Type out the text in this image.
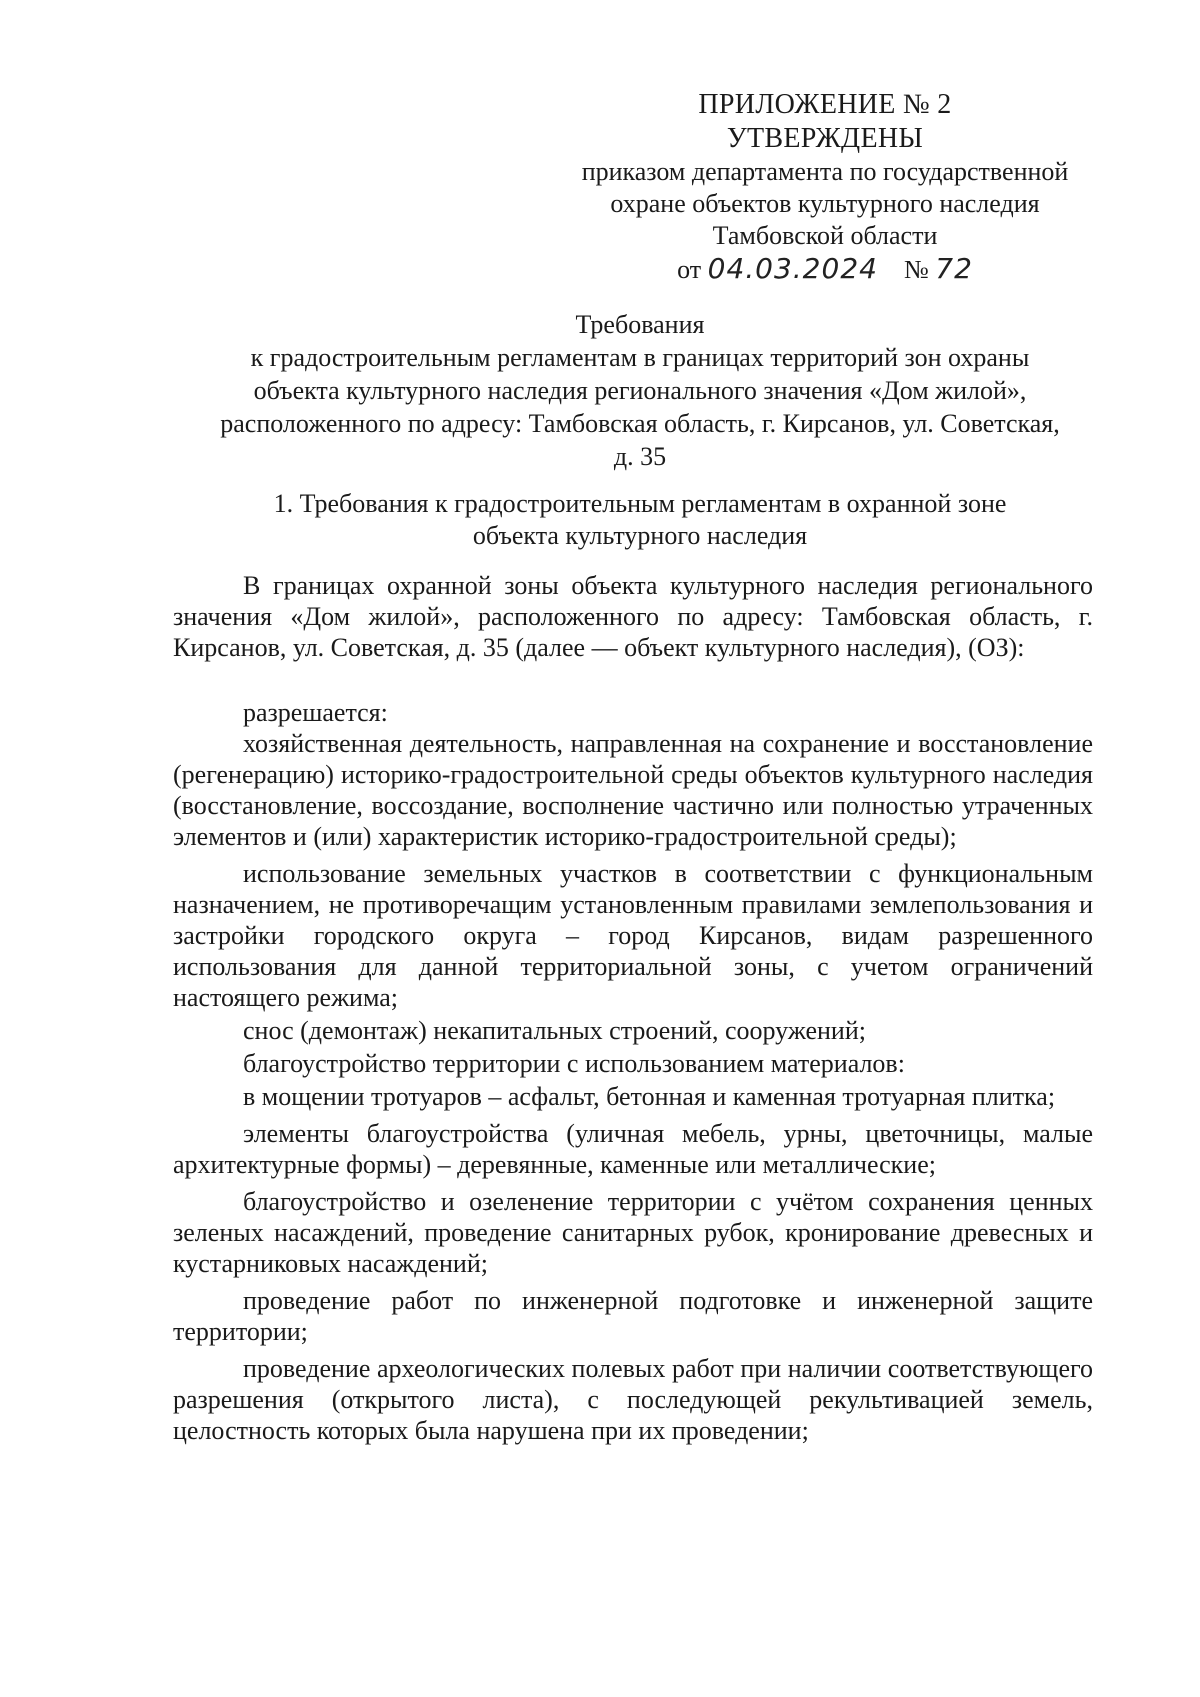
ПРИЛОЖЕНИЕ № 2
УТВЕРЖДЕНЫ
приказом департамента по государственной
охране объектов культурного наследия
Тамбовской области
от 04.03.2024 № 72
Требования
к градостроительным регламентам в границах территорий зон охраны
объекта культурного наследия регионального значения «Дом жилой»,
расположенного по адресу: Тамбовская область, г. Кирсанов, ул. Советская,
д. 35
1. Требования к градостроительным регламентам в охранной зоне
объекта культурного наследия

В границах охранной зоны объекта культурного наследия регионального значения «Дом жилой», расположенного по адресу: Тамбовская область, г. Кирсанов, ул. Советская, д. 35 (далее — объект культурного наследия), (ОЗ):

разрешается:

хозяйственная деятельность, направленная на сохранение и восстановление (регенерацию) историко-градостроительной среды объектов культурного наследия (восстановление, воссоздание, восполнение частично или полностью утраченных элементов и (или) характеристик историко-градостроительной среды);

использование земельных участков в соответствии с функциональным назначением, не противоречащим установленным правилами землепользования и застройки городского округа – город Кирсанов, видам разрешенного использования для данной территориальной зоны, с учетом ограничений настоящего режима;

снос (демонтаж) некапитальных строений, сооружений;

благоустройство территории с использованием материалов:

в мощении тротуаров – асфальт, бетонная и каменная тротуарная плитка;

элементы благоустройства (уличная мебель, урны, цветочницы, малые архитектурные формы) – деревянные, каменные или металлические;

благоустройство и озеленение территории с учётом сохранения ценных зеленых насаждений, проведение санитарных рубок, кронирование древесных и кустарниковых насаждений;

проведение работ по инженерной подготовке и инженерной защите территории;

проведение археологических полевых работ при наличии соответствующего разрешения (открытого листа), с последующей рекультивацией земель, целостность которых была нарушена при их проведении;
